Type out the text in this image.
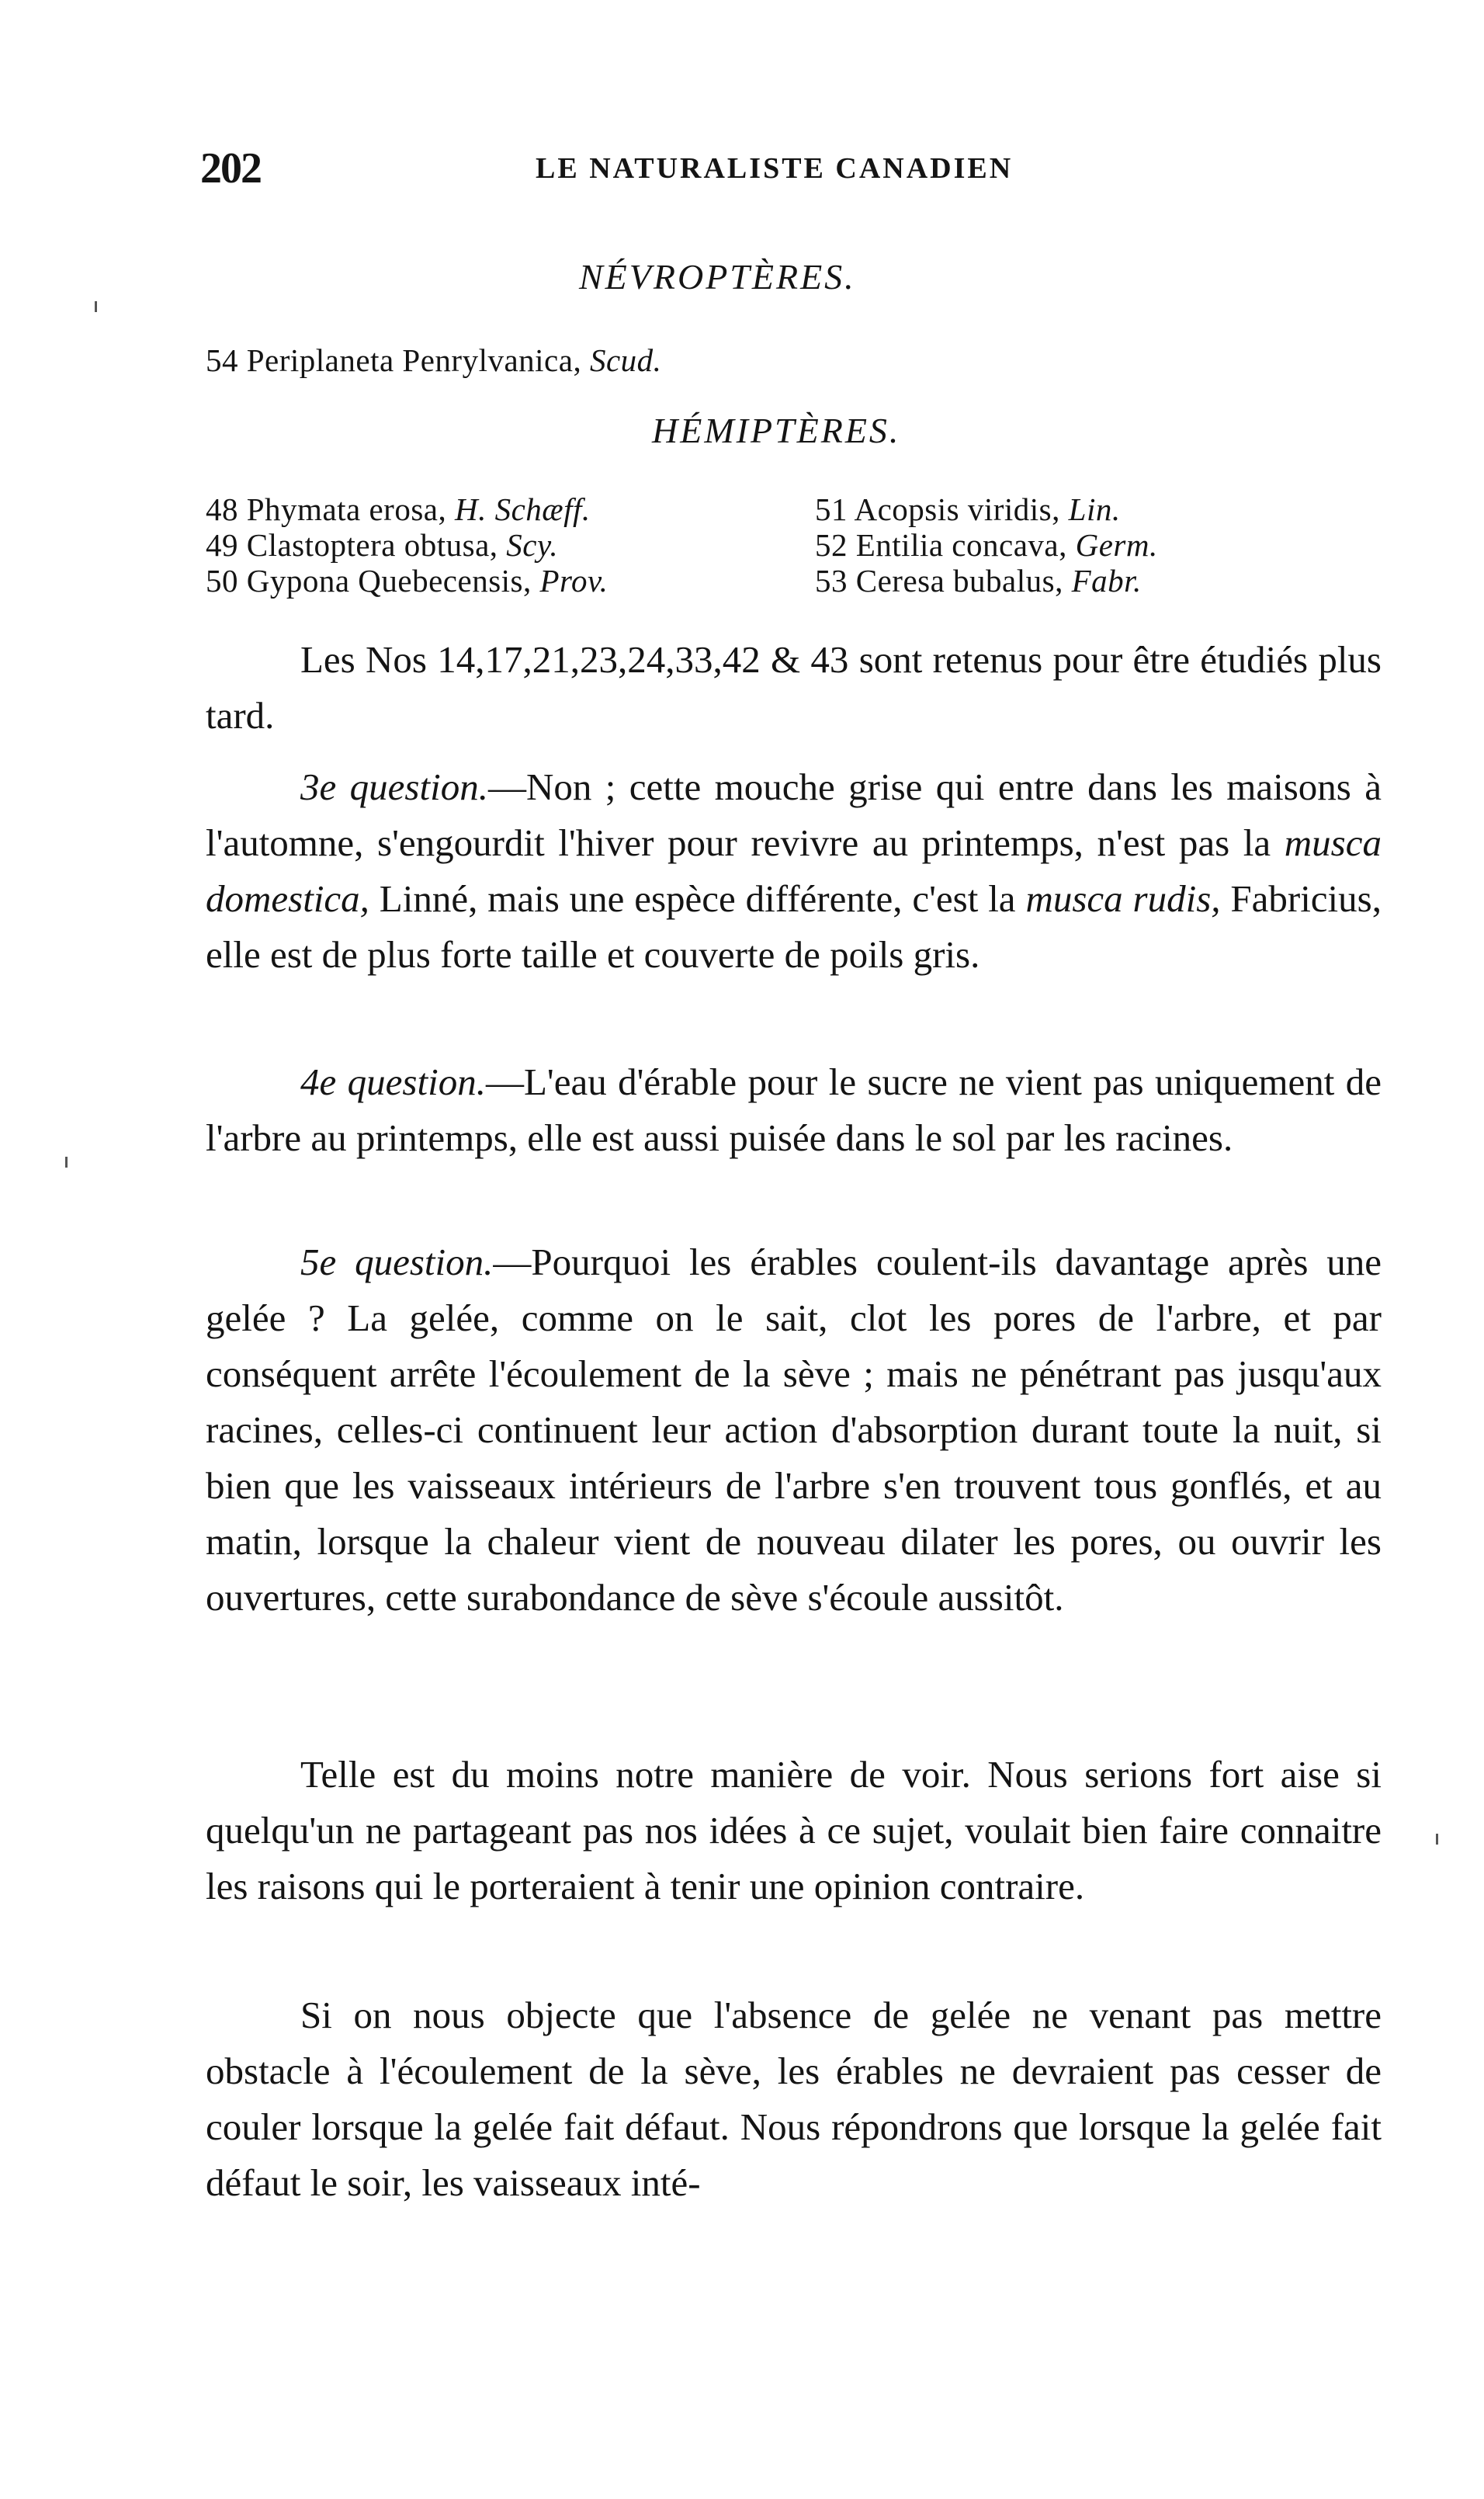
202	LE NATURALISTE CANADIEN
NÉVROPTÈRES.
54 Periplaneta Penrylvanica, Scud.
HÉMIPTÈRES.
48 Phymata erosa, H. Schæff.
49 Clastoptera obtusa, Scy.
50 Gypona Quebecensis, Prov.
51 Acopsis viridis, Lin.
52 Entilia concava, Germ.
53 Ceresa bubalus, Fabr.

Les Nos 14,17,21,23,24,33,42 & 43 sont retenus pour être étudiés plus tard.

3e question.—Non ; cette mouche grise qui entre dans les maisons à l'automne, s'engourdit l'hiver pour revivre au printemps, n'est pas la musca domestica, Linné, mais une espèce différente, c'est la musca rudis, Fabricius, elle est de plus forte taille et couverte de poils gris.

4e question.—L'eau d'érable pour le sucre ne vient pas uniquement de l'arbre au printemps, elle est aussi puisée dans le sol par les racines.

5e question.—Pourquoi les érables coulent-ils davantage après une gelée ? La gelée, comme on le sait, clot les pores de l'arbre, et par conséquent arrête l'écoulement de la sève ; mais ne pénétrant pas jusqu'aux racines, celles-ci continuent leur action d'absorption durant toute la nuit, si bien que les vaisseaux intérieurs de l'arbre s'en trouvent tous gonflés, et au matin, lorsque la chaleur vient de nouveau dilater les pores, ou ouvrir les ouvertures, cette surabondance de sève s'écoule aussitôt.

Telle est du moins notre manière de voir. Nous serions fort aise si quelqu'un ne partageant pas nos idées à ce sujet, voulait bien faire connaitre les raisons qui le porteraient à tenir une opinion contraire.

Si on nous objecte que l'absence de gelée ne venant pas mettre obstacle à l'écoulement de la sève, les érables ne devraient pas cesser de couler lorsque la gelée fait défaut. Nous répondrons que lorsque la gelée fait défaut le soir, les vaisseaux inté-
